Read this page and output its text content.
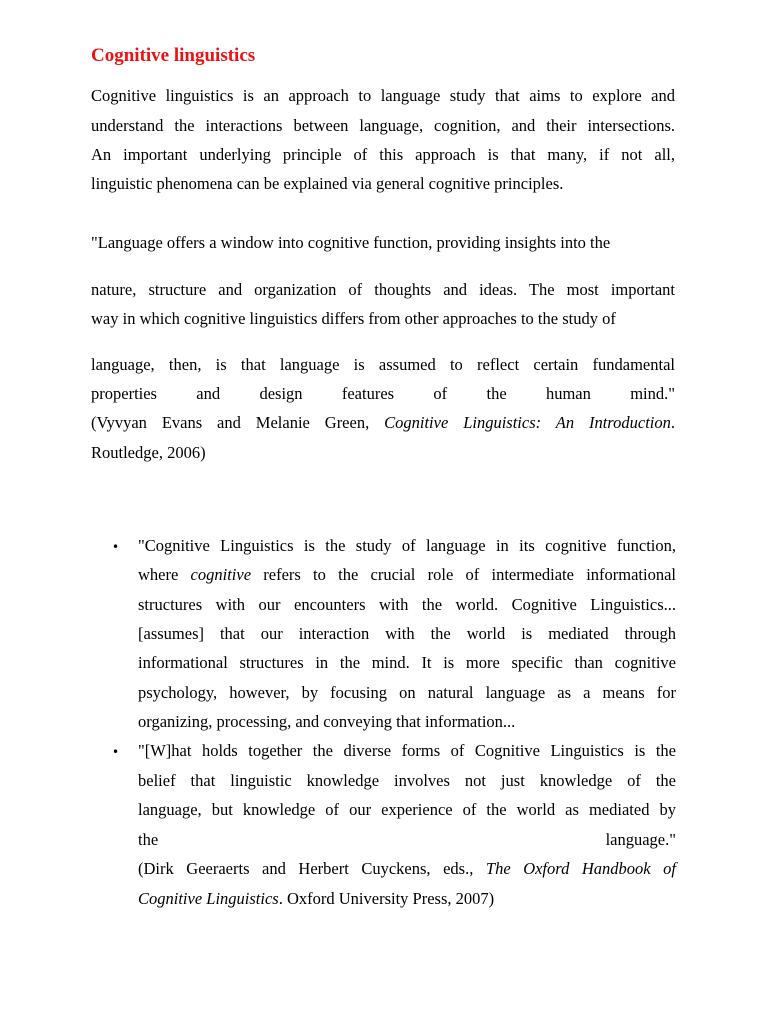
Cognitive linguistics

Cognitive linguistics is an approach to language study that aims to explore and

understand the interactions between language, cognition, and their intersections.

An important underlying principle of this approach is that many, if not all,

linguistic phenomena can be explained via general cognitive principles.

"Language offers a window into cognitive function, providing insights into the

nature, structure and organization of thoughts and ideas. The most important

way in which cognitive linguistics differs from other approaches to the study of

language, then, is that language is assumed to reflect certain fundamental

properties and design features of the human mind."

(Vyvyan Evans and Melanie Green, Cognitive Linguistics: An Introduction.

Routledge, 2006)

• "Cognitive Linguistics is the study of language in its cognitive function,

where cognitive refers to the crucial role of intermediate informational

structures with our encounters with the world. Cognitive Linguistics...

[assumes] that our interaction with the world is mediated through

informational structures in the mind. It is more specific than cognitive

psychology, however, by focusing on natural language as a means for

organizing, processing, and conveying that information...

• "[W]hat holds together the diverse forms of Cognitive Linguistics is the

belief that linguistic knowledge involves not just knowledge of the

language, but knowledge of our experience of the world as mediated by

the language."

(Dirk Geeraerts and Herbert Cuyckens, eds., The Oxford Handbook of

Cognitive Linguistics. Oxford University Press, 2007)
